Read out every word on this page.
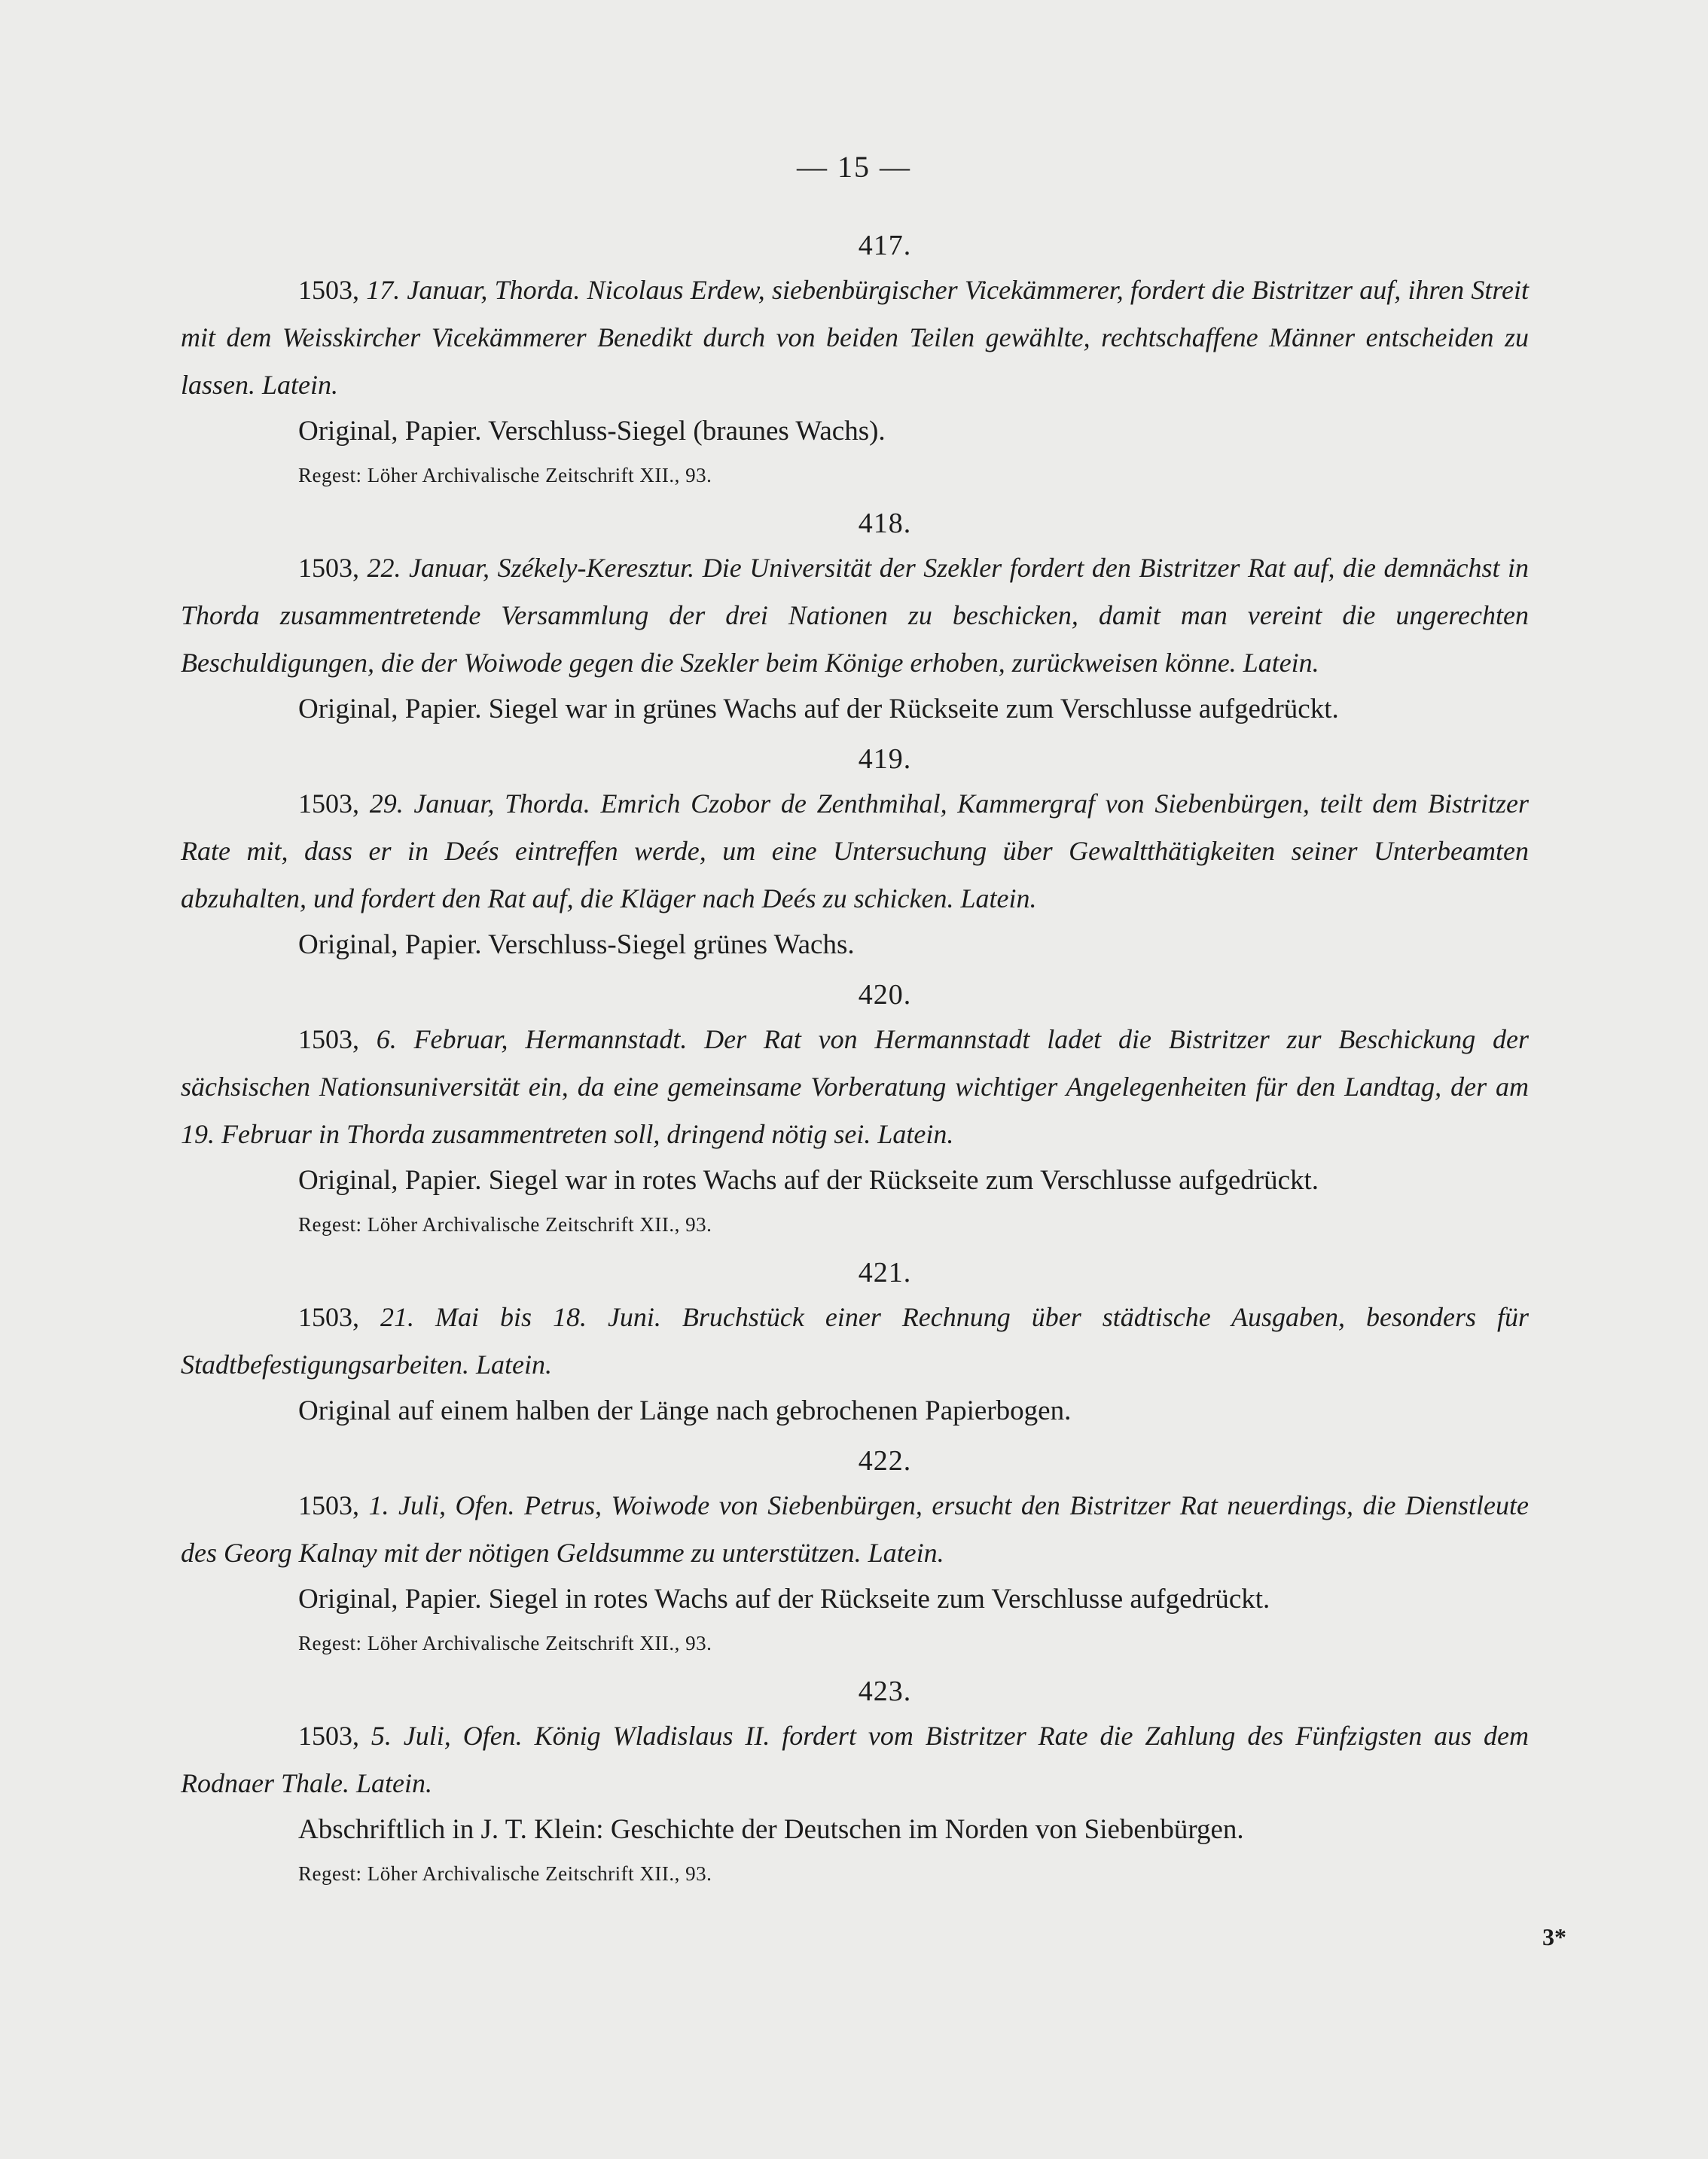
— 15 —
417.

1503, 17. Januar, Thorda. Nicolaus Erdew, siebenbürgischer Vicekämmerer, fordert die Bistritzer auf, ihren Streit mit dem Weisskircher Vicekämmerer Benedikt durch von beiden Teilen gewählte, rechtschaffene Männer entscheiden zu lassen. Latein.

Original, Papier. Verschluss-Siegel (braunes Wachs).

Regest: Löher Archivalische Zeitschrift XII., 93.

418.

1503, 22. Januar, Székely-Keresztur. Die Universität der Szekler fordert den Bistritzer Rat auf, die demnächst in Thorda zusammentretende Versammlung der drei Nationen zu beschicken, damit man vereint die ungerechten Beschuldigungen, die der Woiwode gegen die Szekler beim Könige erhoben, zurückweisen könne. Latein.

Original, Papier. Siegel war in grünes Wachs auf der Rückseite zum Verschlusse aufgedrückt.

419.

1503, 29. Januar, Thorda. Emrich Czobor de Zenthmihal, Kammergraf von Siebenbürgen, teilt dem Bistritzer Rate mit, dass er in Deés eintreffen werde, um eine Untersuchung über Gewaltthätigkeiten seiner Unterbeamten abzuhalten, und fordert den Rat auf, die Kläger nach Deés zu schicken. Latein.

Original, Papier. Verschluss-Siegel grünes Wachs.

420.

1503, 6. Februar, Hermannstadt. Der Rat von Hermannstadt ladet die Bistritzer zur Beschickung der sächsischen Nationsuniversität ein, da eine gemeinsame Vorberatung wichtiger Angelegenheiten für den Landtag, der am 19. Februar in Thorda zusammentreten soll, dringend nötig sei. Latein.

Original, Papier. Siegel war in rotes Wachs auf der Rückseite zum Verschlusse aufgedrückt.

Regest: Löher Archivalische Zeitschrift XII., 93.

421.

1503, 21. Mai bis 18. Juni. Bruchstück einer Rechnung über städtische Ausgaben, besonders für Stadtbefestigungsarbeiten. Latein.

Original auf einem halben der Länge nach gebrochenen Papierbogen.

422.

1503, 1. Juli, Ofen. Petrus, Woiwode von Siebenbürgen, ersucht den Bistritzer Rat neuerdings, die Dienstleute des Georg Kalnay mit der nötigen Geldsumme zu unterstützen. Latein.

Original, Papier. Siegel in rotes Wachs auf der Rückseite zum Verschlusse aufgedrückt.

Regest: Löher Archivalische Zeitschrift XII., 93.

423.

1503, 5. Juli, Ofen. König Wladislaus II. fordert vom Bistritzer Rate die Zahlung des Fünfzigsten aus dem Rodnaer Thale. Latein.

Abschriftlich in J. T. Klein: Geschichte der Deutschen im Norden von Siebenbürgen.

Regest: Löher Archivalische Zeitschrift XII., 93.

3*
